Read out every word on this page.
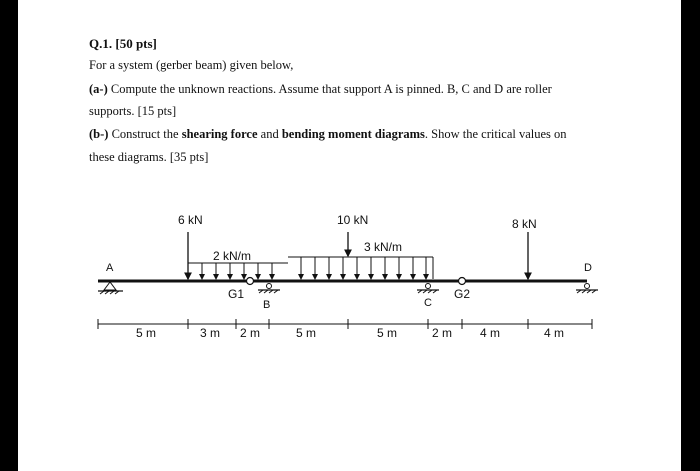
Q.1. [50 pts]
For a system (gerber beam) given below,
(a-) Compute the unknown reactions. Assume that support A is pinned. B, C and D are roller
supports. [15 pts]
(b-) Construct the shearing force and bending moment diagrams. Show the critical values on
these diagrams. [35 pts]
2 kN/m
3 kN/m
6 kN	10 kN	8 kN
A
G1
B	C
G2
D
5 m	3 m 2 m	5 m	5 m	2 m 4 m	4 m
